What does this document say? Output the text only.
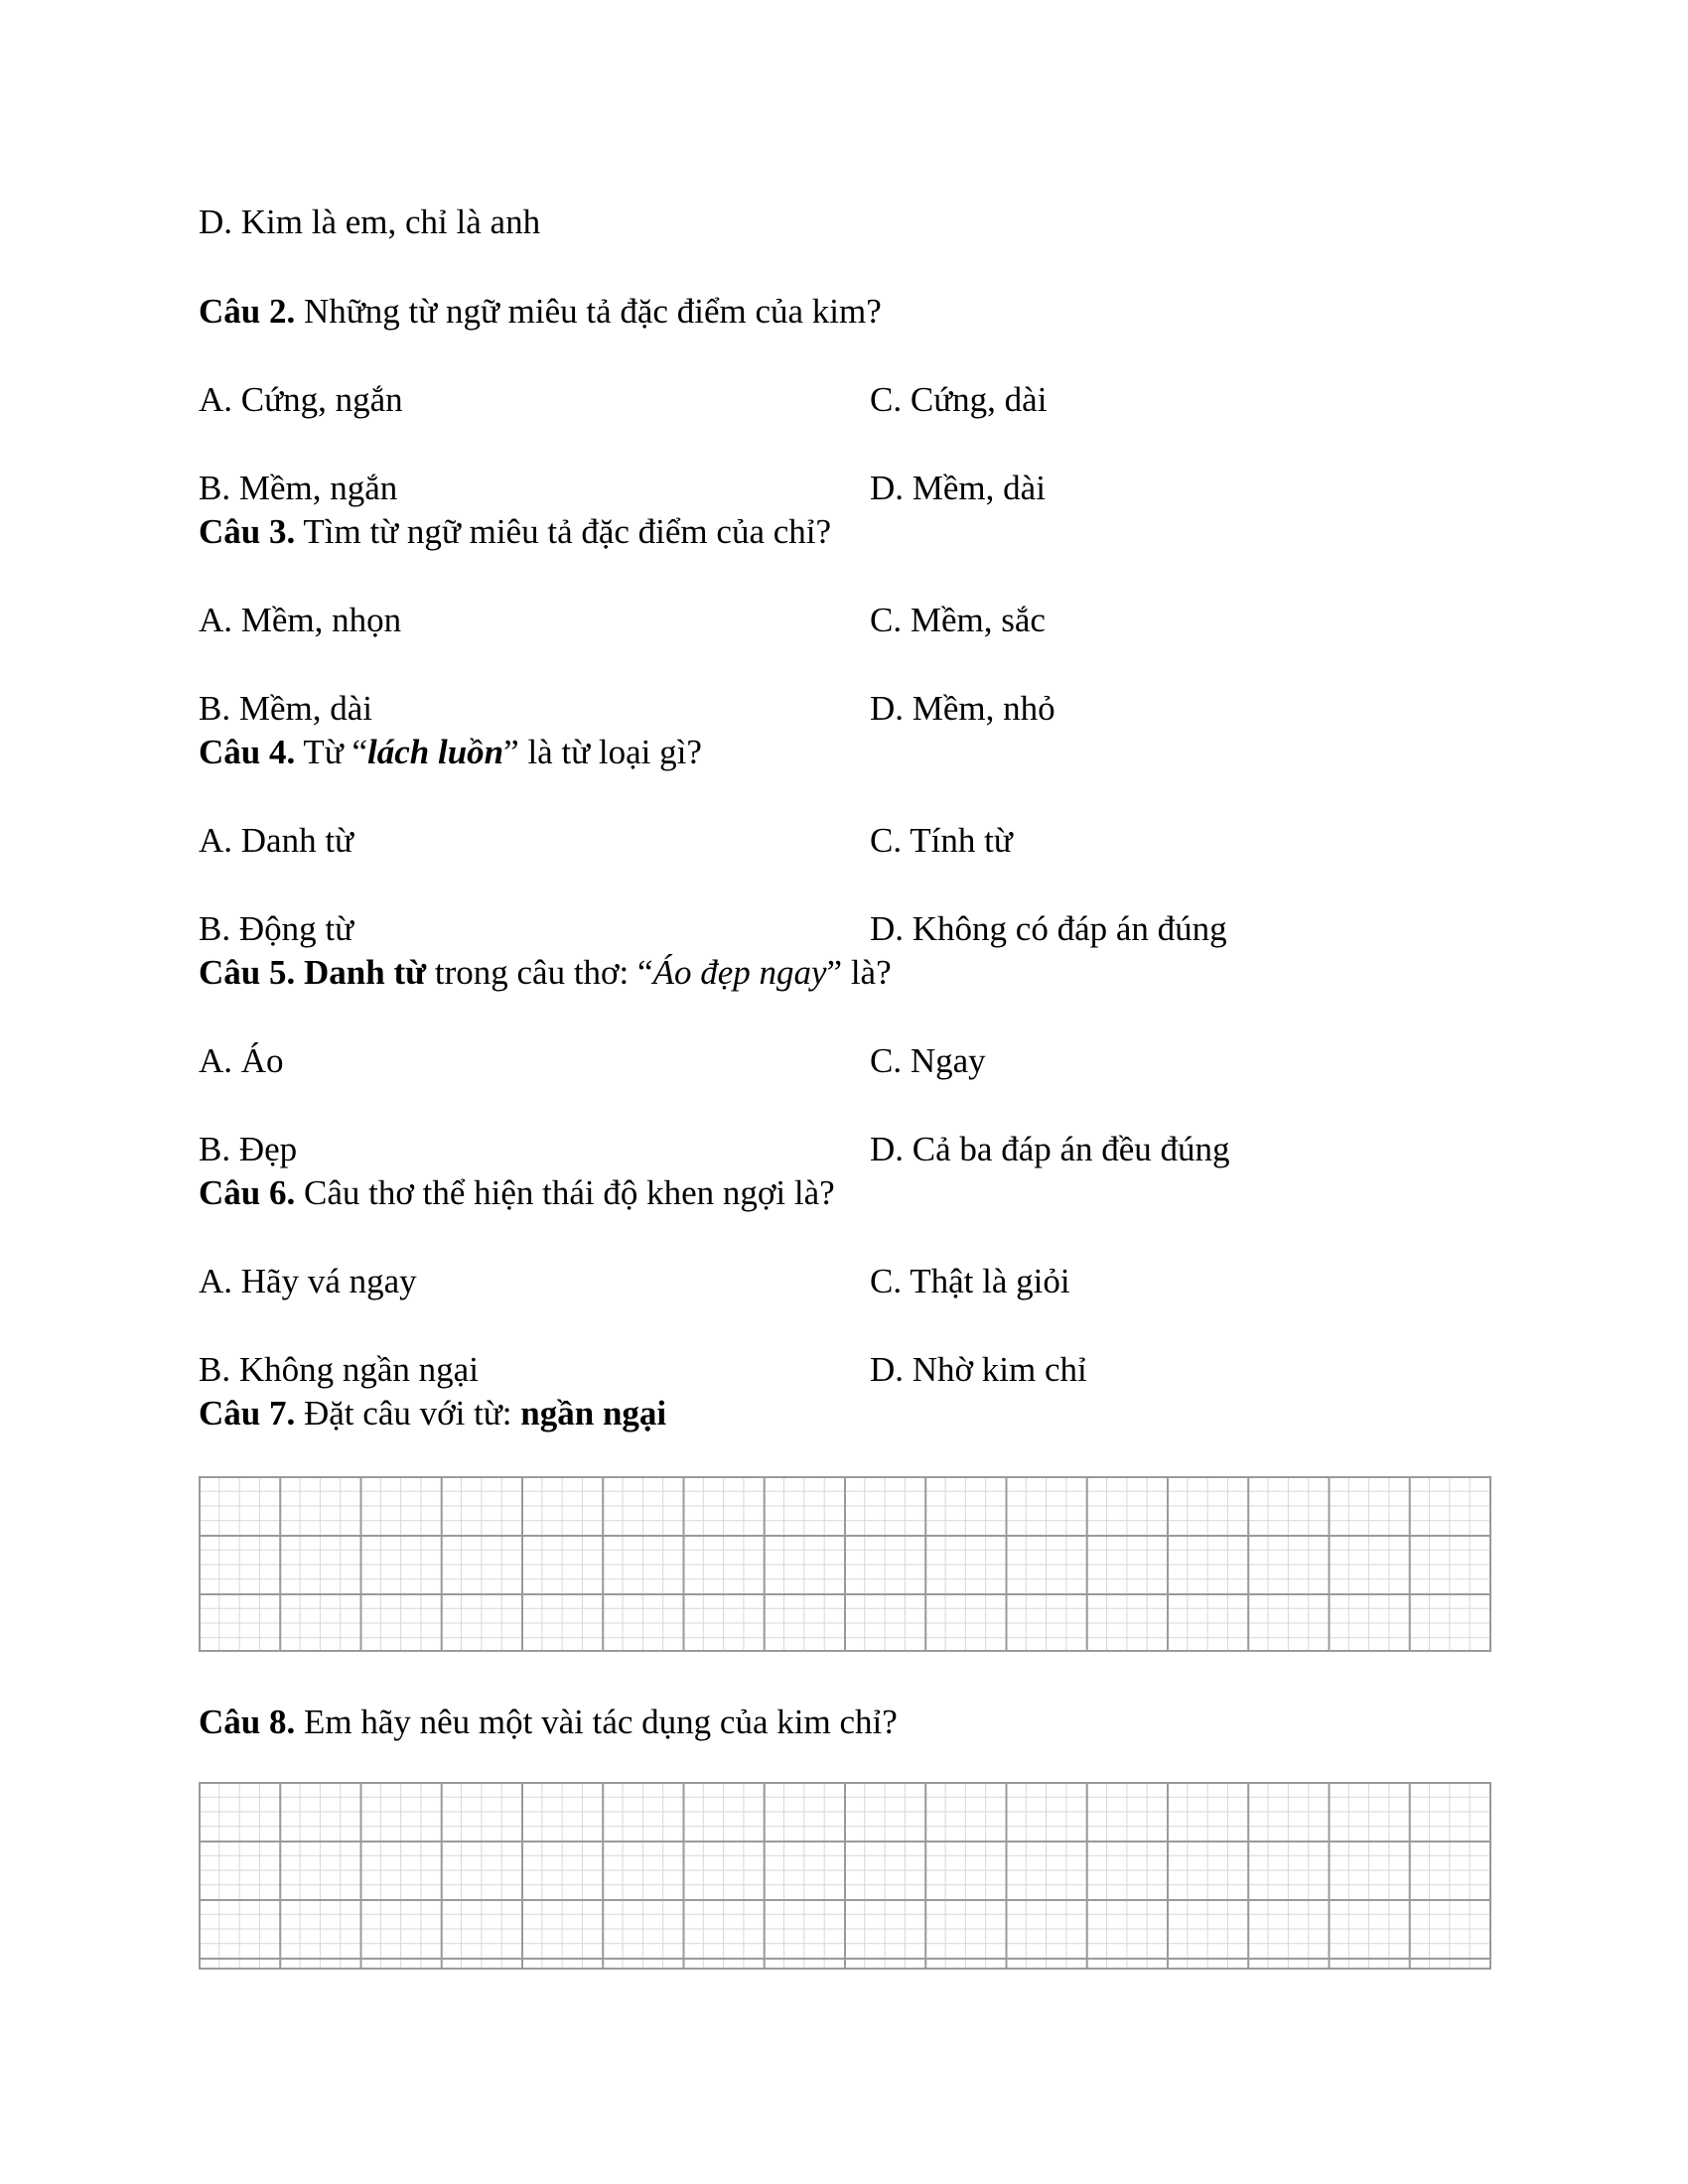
D. Kim là em, chỉ là anh
Câu 2. Những từ ngữ miêu tả đặc điểm của kim?
A. Cứng, ngắn	C. Cứng, dài
B. Mềm, ngắn	D. Mềm, dài
Câu 3. Tìm từ ngữ miêu tả đặc điểm của chỉ?
A. Mềm, nhọn	C. Mềm, sắc
B. Mềm, dài	D. Mềm, nhỏ
Câu 4. Từ “lách luồn” là từ loại gì?
A. Danh từ	C. Tính từ
B. Động từ	D. Không có đáp án đúng
Câu 5. Danh từ trong câu thơ: “Áo đẹp ngay” là?
A. Áo	C. Ngay
B. Đẹp	D. Cả ba đáp án đều đúng
Câu 6. Câu thơ thể hiện thái độ khen ngợi là?
A. Hãy vá ngay	C. Thật là giỏi
B. Không ngần ngại	D. Nhờ kim chỉ
Câu 7. Đặt câu với từ: ngần ngại
Câu 8. Em hãy nêu một vài tác dụng của kim chỉ?
